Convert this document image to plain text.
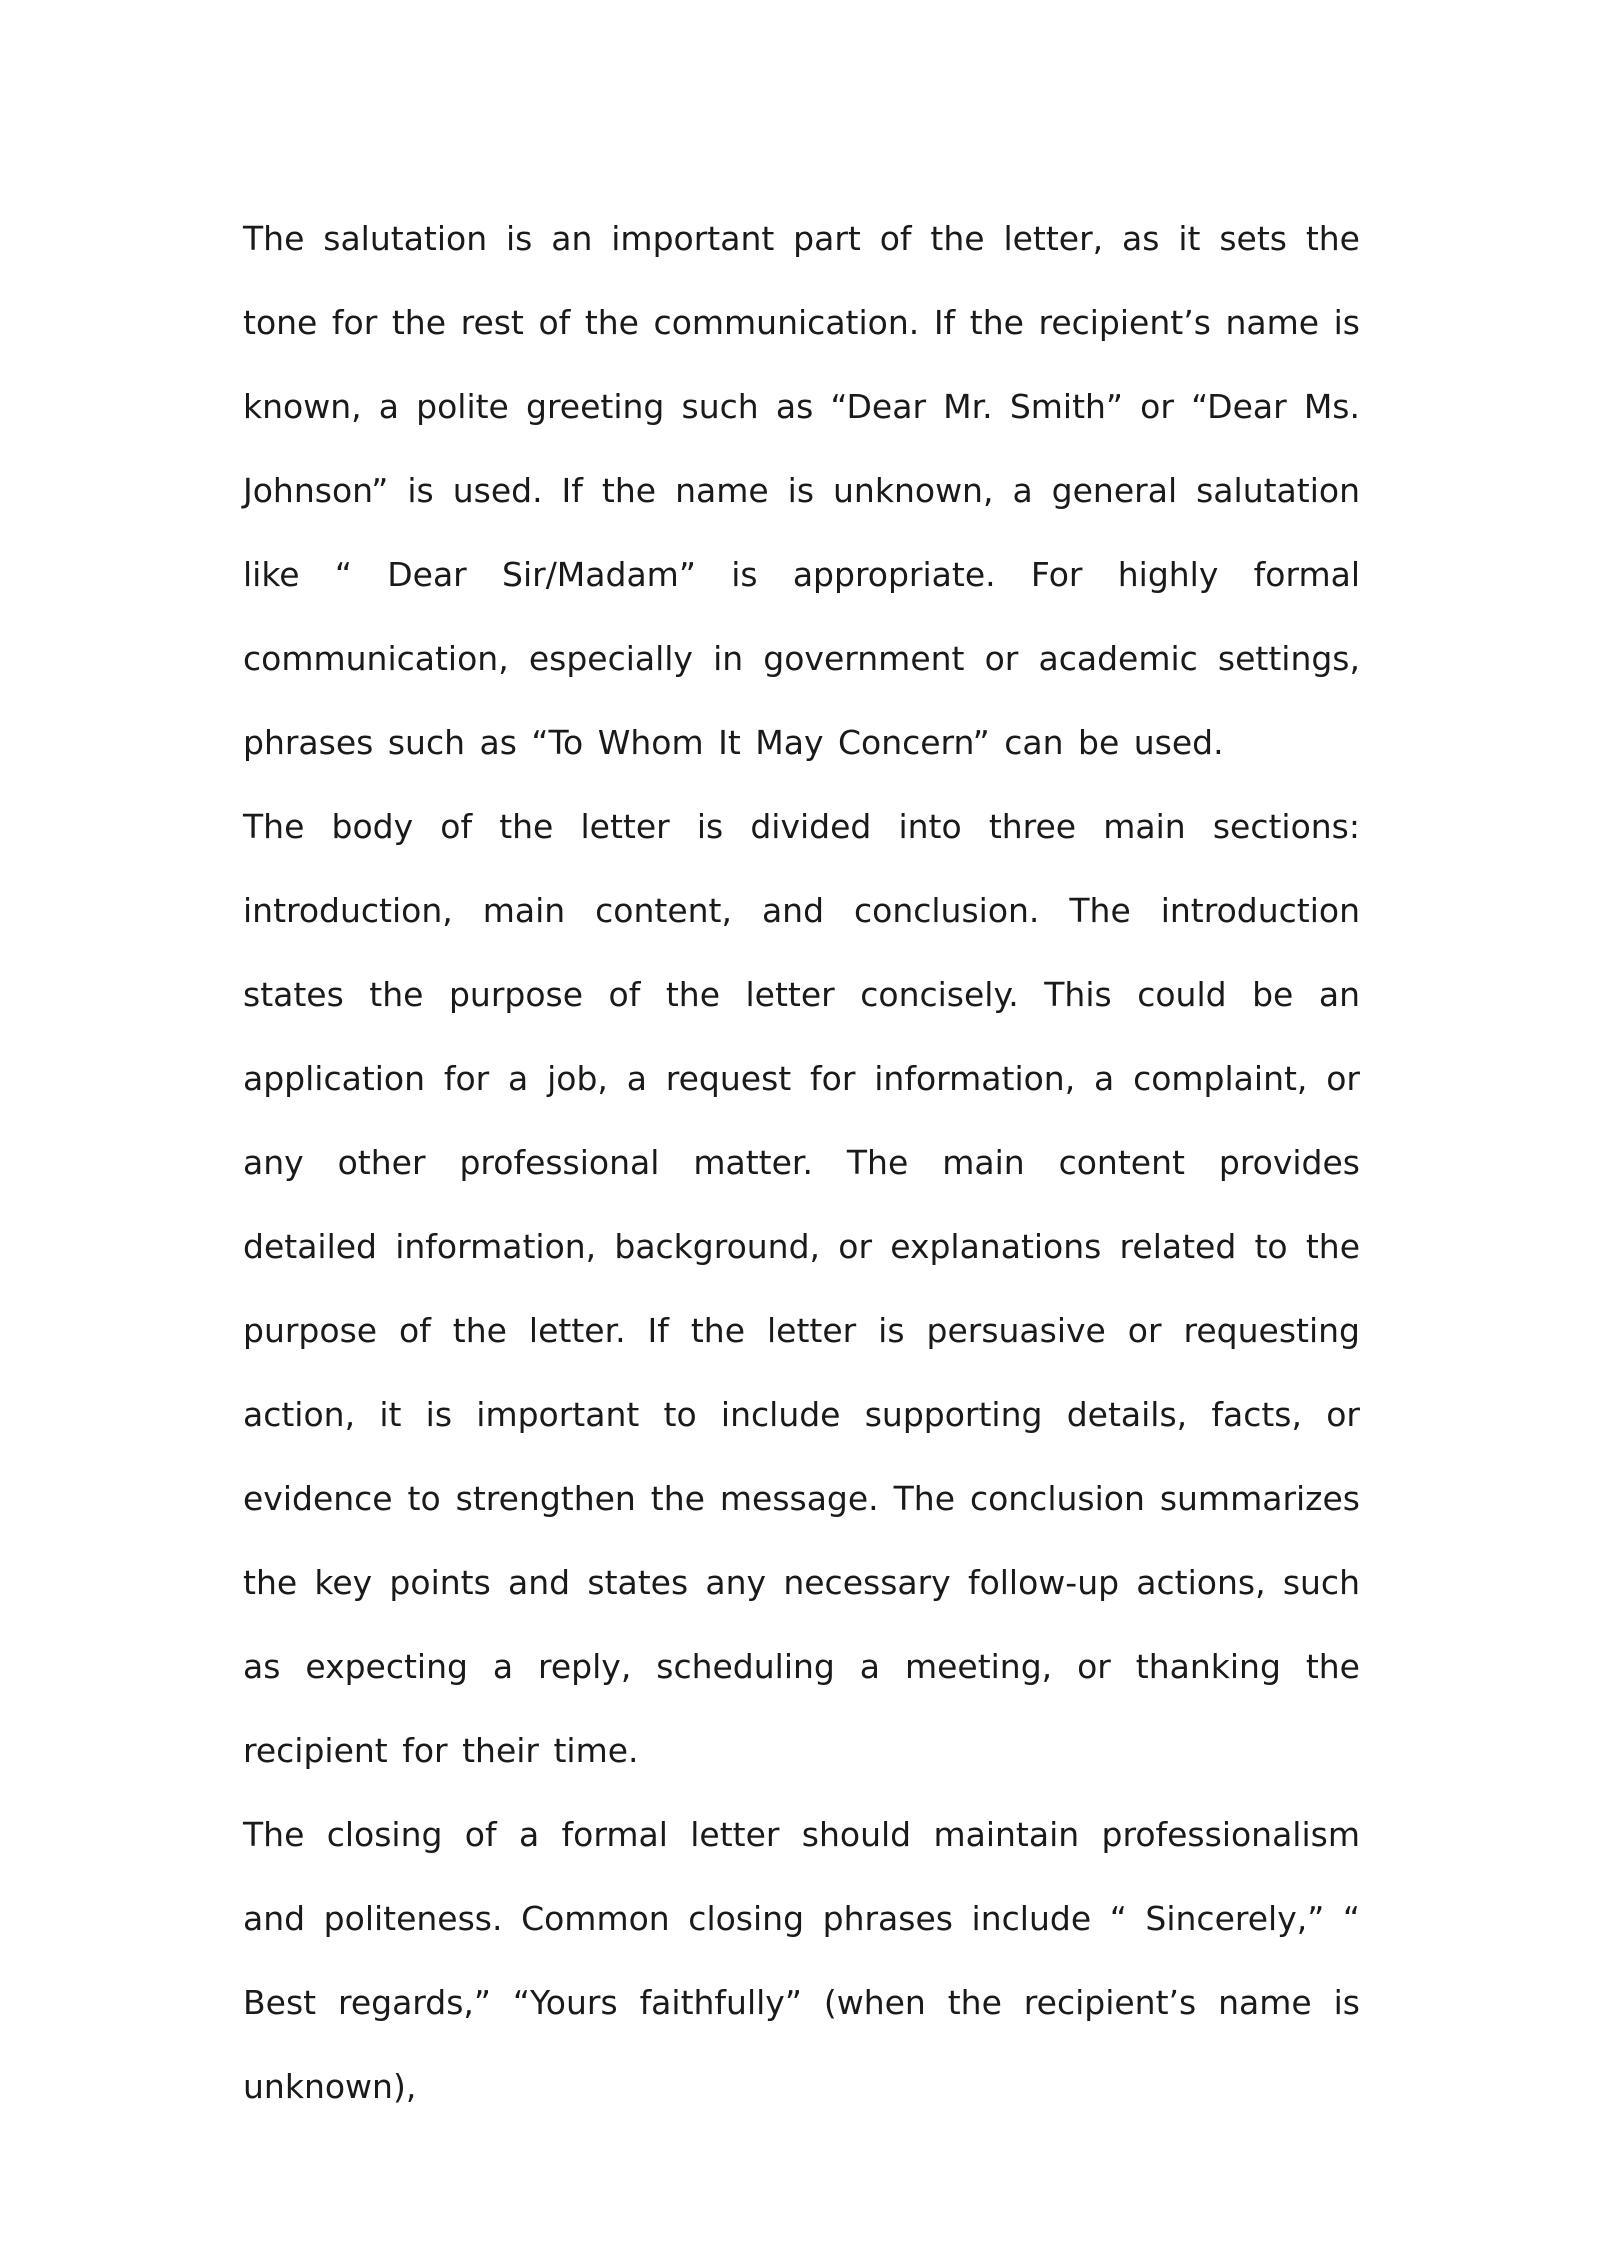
The salutation is an important part of the letter, as it sets the tone for the rest of the communication. If the recipient’s name is known, a polite greeting such as “Dear Mr. Smith” or “Dear Ms. Johnson” is used. If the name is unknown, a general salutation like “ Dear Sir/Madam” is appropriate. For highly formal communication, especially in government or academic settings, phrases such as “To Whom It May Concern” can be used.

The body of the letter is divided into three main sections: introduction, main content, and conclusion. The introduction states the purpose of the letter concisely. This could be an application for a job, a request for information, a complaint, or any other professional matter. The main content provides detailed information, background, or explanations related to the purpose of the letter. If the letter is persuasive or requesting action, it is important to include supporting details, facts, or evidence to strengthen the message. The conclusion summarizes the key points and states any necessary follow-up actions, such as expecting a reply, scheduling a meeting, or thanking the recipient for their time.

The closing of a formal letter should maintain professionalism and politeness. Common closing phrases include “ Sincerely,” “ Best regards,” “Yours faithfully” (when the recipient’s name is unknown),
